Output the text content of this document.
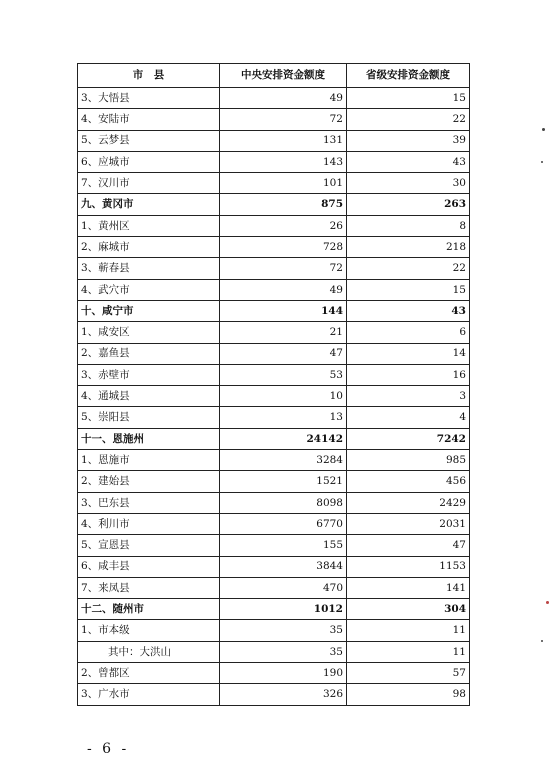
市　县	中央安排资金额度	省级安排资金额度
3、大悟县	49	15
4、安陆市	72	22
5、云梦县	131	39
6、应城市	143	43
7、汉川市	101	30
九、黄冈市	875	263
1、黄州区	26	8
2、麻城市	728	218
3、蕲春县	72	22
4、武穴市	49	15
十、咸宁市	144	43
1、咸安区	21	6
2、嘉鱼县	47	14
3、赤壁市	53	16
4、通城县	10	3
5、崇阳县	13	4
十一、恩施州	24142	7242
1、恩施市	3284	985
2、建始县	1521	456
3、巴东县	8098	2429
4、利川市	6770	2031
5、宣恩县	155	47
6、咸丰县	3844	1153
7、来凤县	470	141
十二、随州市	1012	304
1、市本级	35	11
其中：大洪山	35	11
2、曾都区	190	57
3、广水市	326	98
- 6 -
